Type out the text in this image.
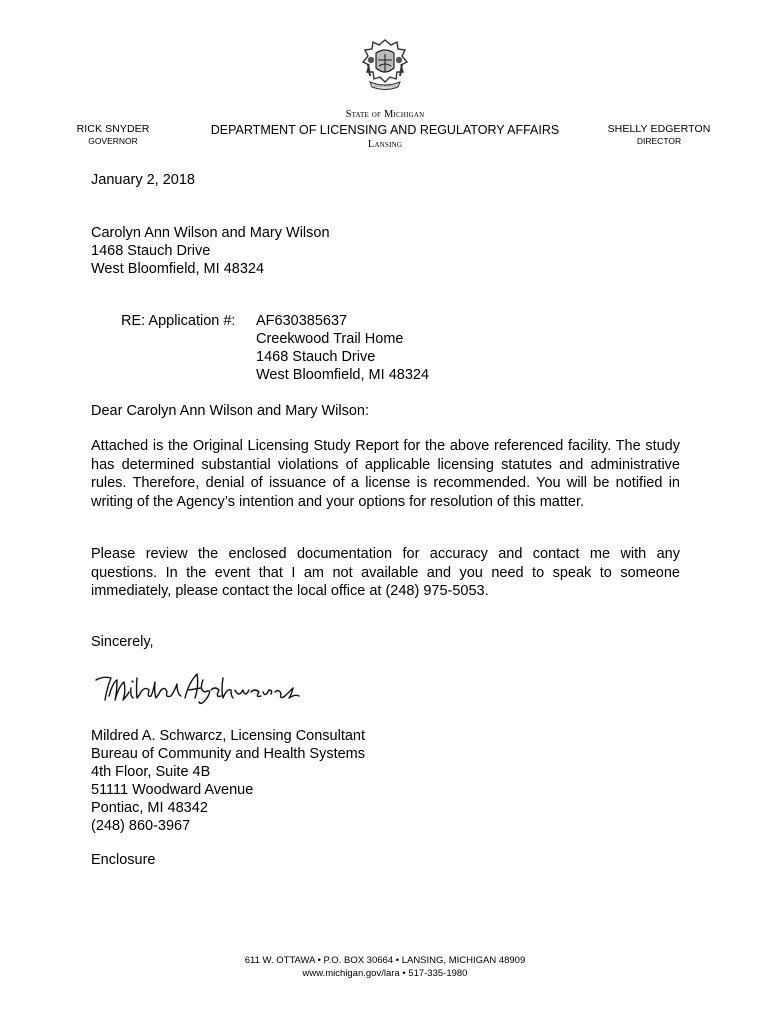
RICK SNYDER
GOVERNOR
State of Michigan
DEPARTMENT OF LICENSING AND REGULATORY AFFAIRS
Lansing
SHELLY EDGERTON
DIRECTOR
January 2, 2018
Carolyn Ann Wilson and Mary Wilson
1468 Stauch Drive
West Bloomfield, MI 48324
RE: Application #: AF630385637
Creekwood Trail Home
1468 Stauch Drive
West Bloomfield, MI 48324
Dear Carolyn Ann Wilson and Mary Wilson:
Attached is the Original Licensing Study Report for the above referenced facility. The study has determined substantial violations of applicable licensing statutes and administrative rules. Therefore, denial of issuance of a license is recommended. You will be notified in writing of the Agency’s intention and your options for resolution of this matter.
Please review the enclosed documentation for accuracy and contact me with any questions. In the event that I am not available and you need to speak to someone immediately, please contact the local office at (248) 975-5053.
Sincerely,
Mildred A. Schwarcz, Licensing Consultant
Bureau of Community and Health Systems
4th Floor, Suite 4B
51111 Woodward Avenue
Pontiac, MI 48342
(248) 860-3967
Enclosure
611 W. OTTAWA • P.O. BOX 30664 • LANSING, MICHIGAN 48909
www.michigan.gov/lara • 517-335-1980
